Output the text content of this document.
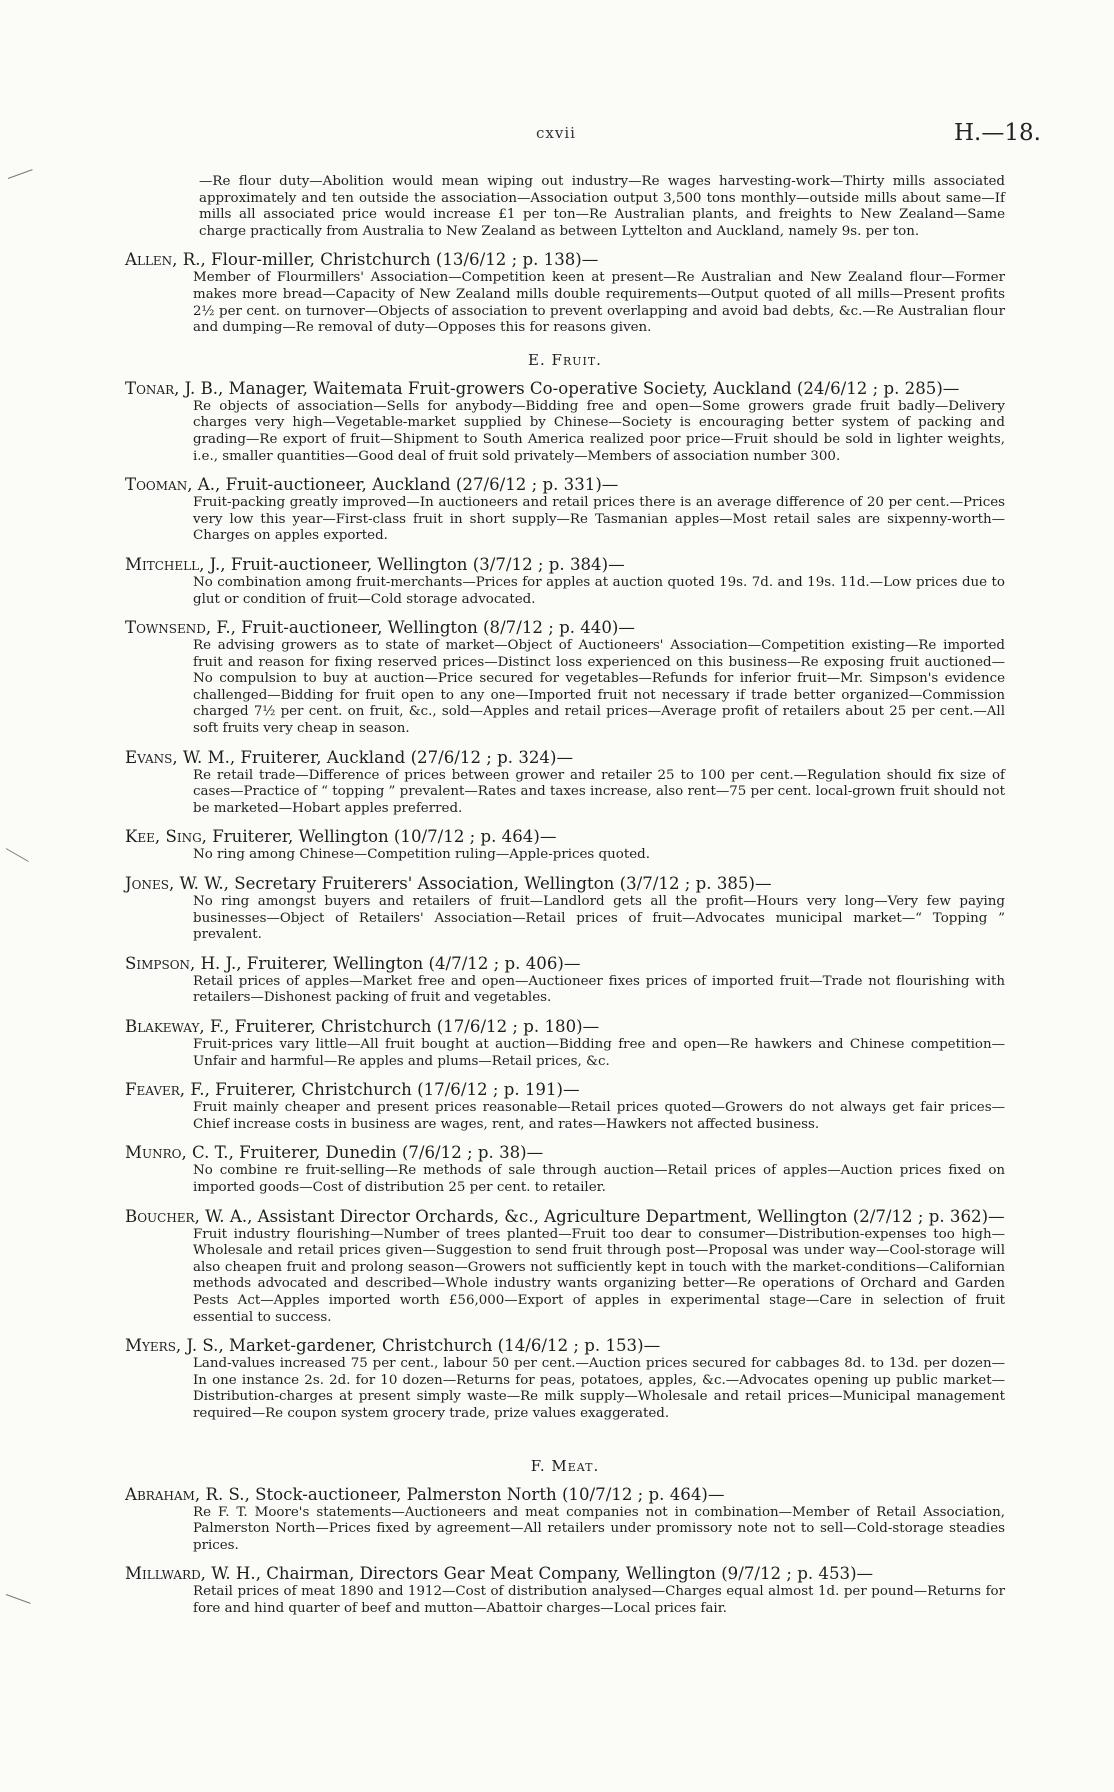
cxvii	H.—18.
—Re flour duty—Abolition would mean wiping out industry—Re wages harvesting-work—Thirty mills associated approximately and ten outside the association—Association output 3,500 tons monthly—outside mills about same—If mills all associated price would increase £1 per ton—Re Australian plants, and freights to New Zealand—Same charge practically from Australia to New Zealand as between Lyttelton and Auckland, namely 9s. per ton.
Allen, R., Flour-miller, Christchurch (13/6/12 ; p. 138)—
Member of Flourmillers' Association—Competition keen at present—Re Australian and New Zealand flour—Former makes more bread—Capacity of New Zealand mills double requirements—Output quoted of all mills—Present profits 2½ per cent. on turnover—Objects of association to prevent overlapping and avoid bad debts, &c.—Re Australian flour and dumping—Re removal of duty—Opposes this for reasons given.
E. Fruit.
Tonar, J. B., Manager, Waitemata Fruit-growers Co-operative Society, Auckland (24/6/12 ; p. 285)—
Re objects of association—Sells for anybody—Bidding free and open—Some growers grade fruit badly—Delivery charges very high—Vegetable-market supplied by Chinese—Society is encouraging better system of packing and grading—Re export of fruit—Shipment to South America realized poor price—Fruit should be sold in lighter weights, i.e., smaller quantities—Good deal of fruit sold privately—Members of association number 300.
Tooman, A., Fruit-auctioneer, Auckland (27/6/12 ; p. 331)—
Fruit-packing greatly improved—In auctioneers and retail prices there is an average difference of 20 per cent.—Prices very low this year—First-class fruit in short supply—Re Tasmanian apples—Most retail sales are sixpenny-worth—Charges on apples exported.
Mitchell, J., Fruit-auctioneer, Wellington (3/7/12 ; p. 384)—
No combination among fruit-merchants—Prices for apples at auction quoted 19s. 7d. and 19s. 11d.—Low prices due to glut or condition of fruit—Cold storage advocated.
Townsend, F., Fruit-auctioneer, Wellington (8/7/12 ; p. 440)—
Re advising growers as to state of market—Object of Auctioneers' Association—Competition existing—Re imported fruit and reason for fixing reserved prices—Distinct loss experienced on this business—Re exposing fruit auctioned—No compulsion to buy at auction—Price secured for vegetables—Refunds for inferior fruit—Mr. Simpson's evidence challenged—Bidding for fruit open to any one—Imported fruit not necessary if trade better organized—Commission charged 7½ per cent. on fruit, &c., sold—Apples and retail prices—Average profit of retailers about 25 per cent.—All soft fruits very cheap in season.
Evans, W. M., Fruiterer, Auckland (27/6/12 ; p. 324)—
Re retail trade—Difference of prices between grower and retailer 25 to 100 per cent.—Regulation should fix size of cases—Practice of “ topping ” prevalent—Rates and taxes increase, also rent—75 per cent. local-grown fruit should not be marketed—Hobart apples preferred.
Kee, Sing, Fruiterer, Wellington (10/7/12 ; p. 464)—
No ring among Chinese—Competition ruling—Apple-prices quoted.
Jones, W. W., Secretary Fruiterers' Association, Wellington (3/7/12 ; p. 385)—
No ring amongst buyers and retailers of fruit—Landlord gets all the profit—Hours very long—Very few paying businesses—Object of Retailers' Association—Retail prices of fruit—Advocates municipal market—“ Topping ” prevalent.
Simpson, H. J., Fruiterer, Wellington (4/7/12 ; p. 406)—
Retail prices of apples—Market free and open—Auctioneer fixes prices of imported fruit—Trade not flourishing with retailers—Dishonest packing of fruit and vegetables.
Blakeway, F., Fruiterer, Christchurch (17/6/12 ; p. 180)—
Fruit-prices vary little—All fruit bought at auction—Bidding free and open—Re hawkers and Chinese competition—Unfair and harmful—Re apples and plums—Retail prices, &c.
Feaver, F., Fruiterer, Christchurch (17/6/12 ; p. 191)—
Fruit mainly cheaper and present prices reasonable—Retail prices quoted—Growers do not always get fair prices—Chief increase costs in business are wages, rent, and rates—Hawkers not affected business.
Munro, C. T., Fruiterer, Dunedin (7/6/12 ; p. 38)—
No combine re fruit-selling—Re methods of sale through auction—Retail prices of apples—Auction prices fixed on imported goods—Cost of distribution 25 per cent. to retailer.
Boucher, W. A., Assistant Director Orchards, &c., Agriculture Department, Wellington (2/7/12 ; p. 362)—
Fruit industry flourishing—Number of trees planted—Fruit too dear to consumer—Distribution-expenses too high—Wholesale and retail prices given—Suggestion to send fruit through post—Proposal was under way—Cool-storage will also cheapen fruit and prolong season—Growers not sufficiently kept in touch with the market-conditions—Californian methods advocated and described—Whole industry wants organizing better—Re operations of Orchard and Garden Pests Act—Apples imported worth £56,000—Export of apples in experimental stage—Care in selection of fruit essential to success.
Myers, J. S., Market-gardener, Christchurch (14/6/12 ; p. 153)—
Land-values increased 75 per cent., labour 50 per cent.—Auction prices secured for cabbages 8d. to 13d. per dozen—In one instance 2s. 2d. for 10 dozen—Returns for peas, potatoes, apples, &c.—Advocates opening up public market—Distribution-charges at present simply waste—Re milk supply—Wholesale and retail prices—Municipal management required—Re coupon system grocery trade, prize values exaggerated.
F. Meat.
Abraham, R. S., Stock-auctioneer, Palmerston North (10/7/12 ; p. 464)—
Re F. T. Moore's statements—Auctioneers and meat companies not in combination—Member of Retail Association, Palmerston North—Prices fixed by agreement—All retailers under promissory note not to sell—Cold-storage steadies prices.
Millward, W. H., Chairman, Directors Gear Meat Company, Wellington (9/7/12 ; p. 453)—
Retail prices of meat 1890 and 1912—Cost of distribution analysed—Charges equal almost 1d. per pound—Returns for fore and hind quarter of beef and mutton—Abattoir charges—Local prices fair.
